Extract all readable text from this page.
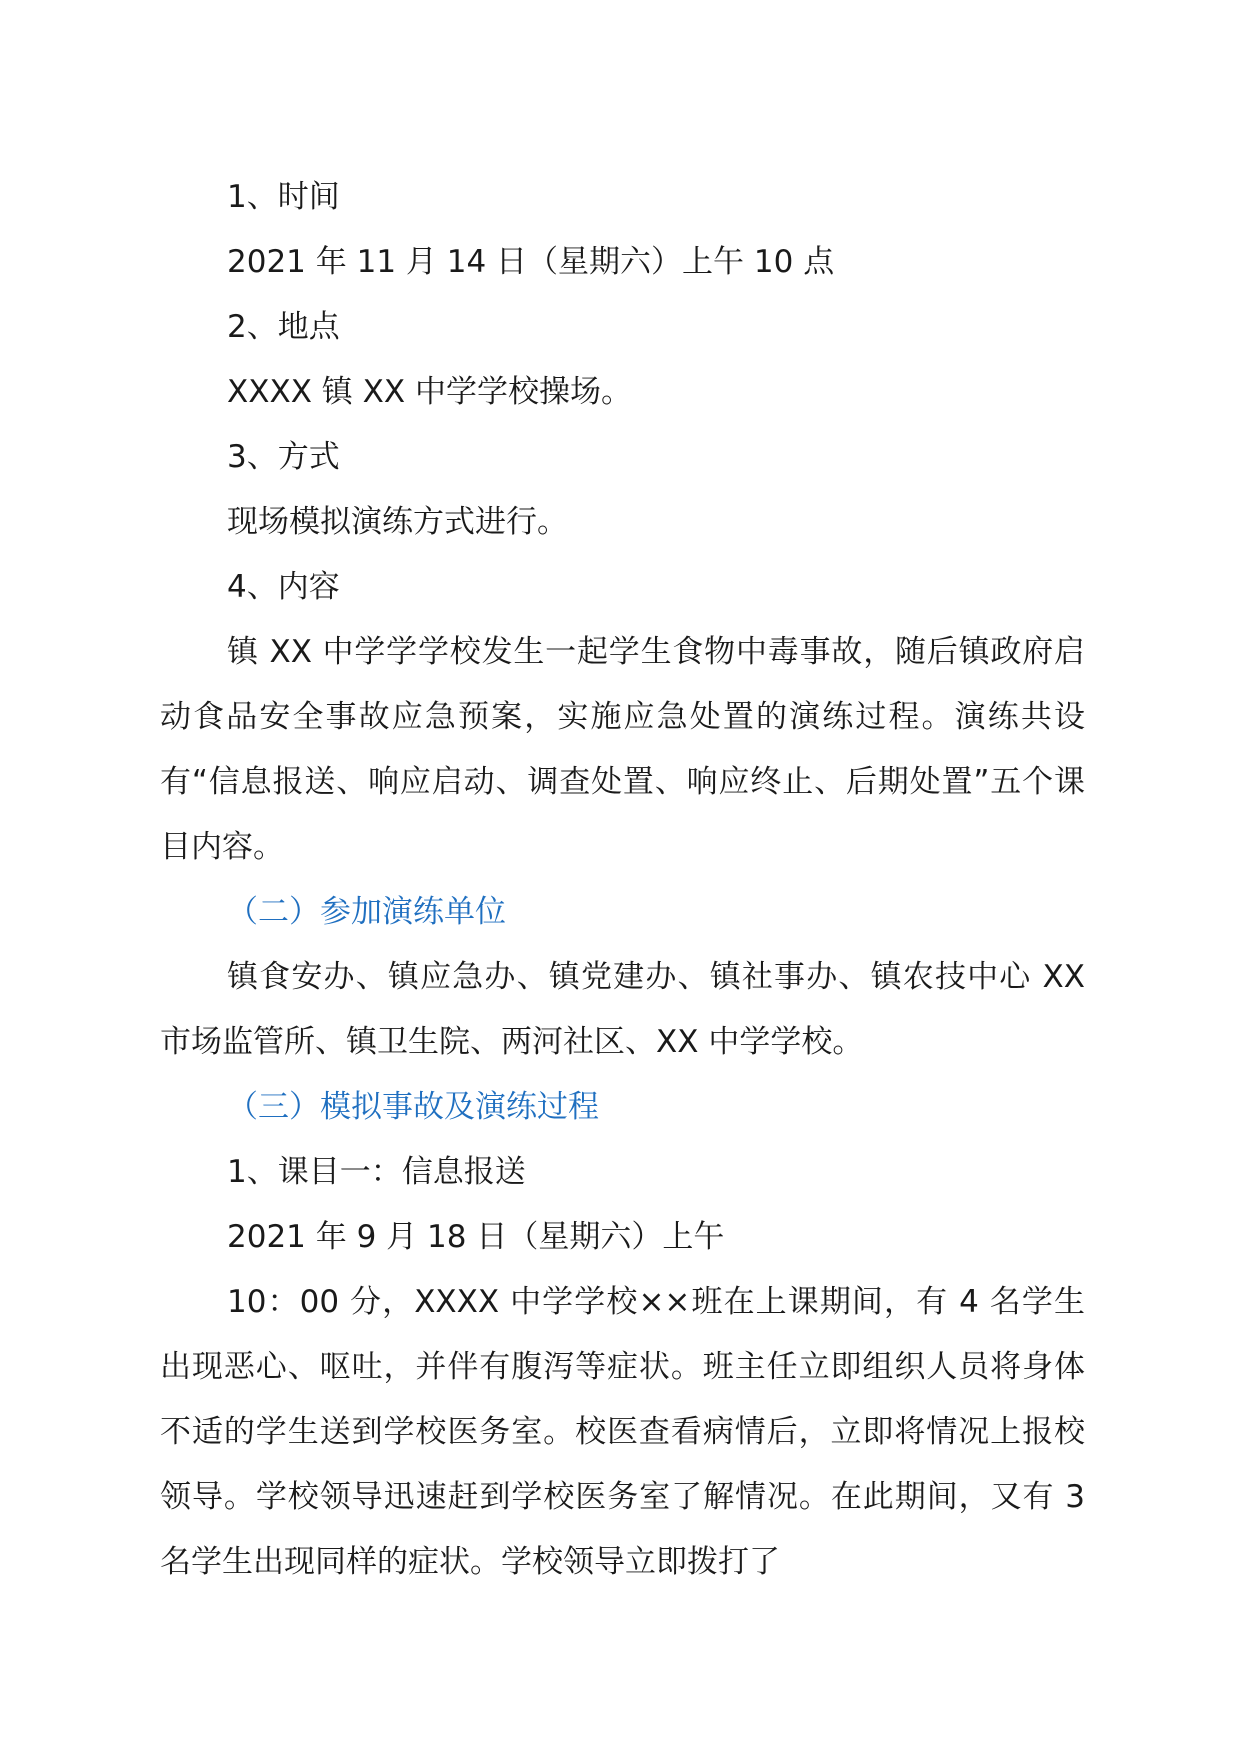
1、时间

2021 年 11 月 14 日（星期六）上午 10 点

2、地点

XXXX 镇 XX 中学学校操场。

3、方式

现场模拟演练方式进行。

4、内容

镇 XX 中学学学校发生一起学生食物中毒事故，随后镇政府启动食品安全事故应急预案，实施应急处置的演练过程。演练共设有“信息报送、响应启动、调查处置、响应终止、后期处置”五个课目内容。

（二）参加演练单位

镇食安办、镇应急办、镇党建办、镇社事办、镇农技中心 XX 市场监管所、镇卫生院、两河社区、XX 中学学校。

（三）模拟事故及演练过程

1、课目一：信息报送

2021 年 9 月 18 日（星期六）上午

10：00 分，XXXX 中学学校××班在上课期间，有 4 名学生出现恶心、呕吐，并伴有腹泻等症状。班主任立即组织人员将身体不适的学生送到学校医务室。校医查看病情后，立即将情况上报校领导。学校领导迅速赶到学校医务室了解情况。在此期间，又有 3 名学生出现同样的症状。学校领导立即拨打了
